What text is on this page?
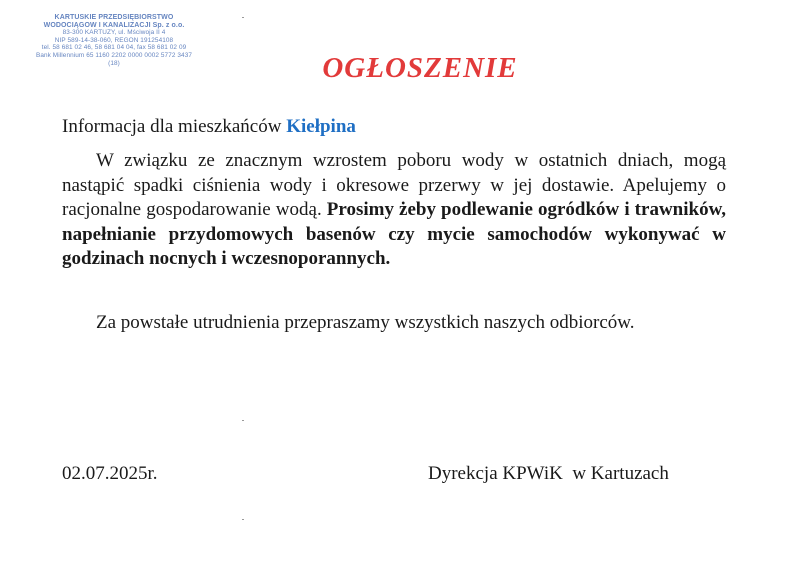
KARTUSKIE PRZEDSIĘBIORSTWO
WODOCIĄGÓW I KANALIZACJI Sp. z o.o.
83-300 KARTUZY, ul. Mściwoja II 4
NIP 589-14-38-060, REGON 191254108
tel. 58 681 02 46, 58 681 04 04, fax 58 681 02 09
Bank Millennium 65 1160 2202 0000 0002 5772 3437
(18)	OGŁOSZENIE
Informacja dla mieszkańców Kiełpina
W związku ze znacznym wzrostem poboru wody w ostatnich dniach, mogą nastąpić spadki ciśnienia wody i okresowe przerwy w jej dostawie. Apelujemy o racjonalne gospodarowanie wodą. Prosimy żeby podlewanie ogródków i trawników, napełnianie przydomowych basenów czy mycie samochodów wykonywać w godzinach nocnych i wczesnoporannych.
Za powstałe utrudnienia przepraszamy wszystkich naszych odbiorców.
02.07.2025r.	Dyrekcja KPWiK  w Kartuzach
